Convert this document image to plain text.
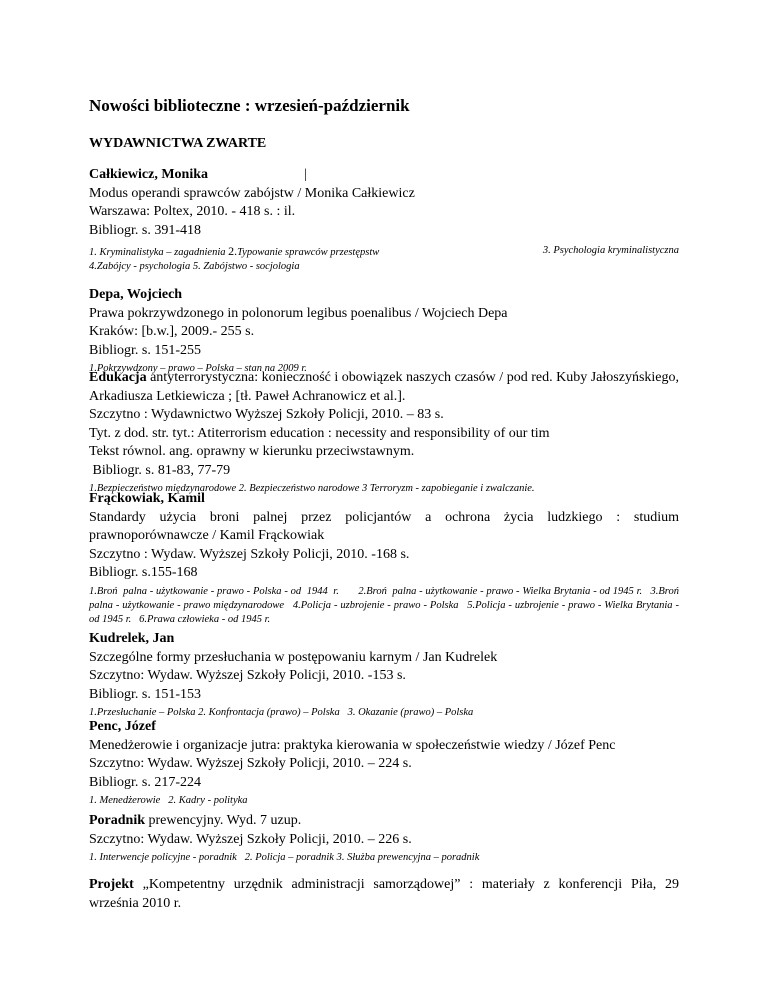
Nowości biblioteczne : wrzesień-październik
WYDAWNICTWA ZWARTE
Całkiewicz, Monika	|
Modus operandi sprawców zabójstw / Monika Całkiewicz
Warszawa: Poltex, 2010. - 418 s. : il.
Bibliogr. s. 391-418
1. Kryminalistyka – zagadnienia 2.Typowanie sprawców przestępstw	3. Psychologia kryminalistyczna
4.Zabójcy - psychologia 5. Zabójstwo - socjologia
Depa, Wojciech
Prawa pokrzywdzonego in polonorum legibus poenalibus / Wojciech Depa
Kraków: [b.w.], 2009.- 255 s.
Bibliogr. s. 151-255
1.Pokrzywdzony – prawo – Polska – stan na 2009 r.
Edukacja antyterrorystyczna: konieczność i obowiązek naszych czasów / pod red. Kuby Jałoszyńskiego, Arkadiusza Letkiewicza ; [tł. Paweł Achranowicz et al.].
Szczytno : Wydawnictwo Wyższej Szkoły Policji, 2010. – 83 s.
Tyt. z dod. str. tyt.: Atiterrorism education : necessity and responsibility of our tim
Tekst równol. ang. oprawny w kierunku przeciwstawnym.
Bibliogr. s. 81-83, 77-79
1.Bezpieczeństwo międzynarodowe 2. Bezpieczeństwo narodowe 3 Terroryzm - zapobieganie i zwalczanie.
Frąckowiak, Kamil
Standardy użycia broni palnej przez policjantów a ochrona życia ludzkiego : studium prawnoporównawcze / Kamil Frąckowiak
Szczytno : Wydaw. Wyższej Szkoły Policji, 2010. -168 s.
Bibliogr. s.155-168
1.Broń  palna - użytkowanie - prawo - Polska - od  1944  r.       2.Broń  palna - użytkowanie - prawo - Wielka Brytania - od 1945 r.   3.Broń palna - użytkowanie - prawo międzynarodowe   4.Policja - uzbrojenie - prawo - Polska   5.Policja - uzbrojenie - prawo - Wielka Brytania - od 1945 r.   6.Prawa człowieka - od 1945 r.
Kudrelek, Jan
Szczególne formy przesłuchania w postępowaniu karnym / Jan Kudrelek
Szczytno: Wydaw. Wyższej Szkoły Policji, 2010. -153 s.
Bibliogr. s. 151-153
1.Przesłuchanie – Polska 2. Konfrontacja (prawo) – Polska   3. Okazanie (prawo) – Polska
Penc, Józef
Menedżerowie i organizacje jutra: praktyka kierowania w społeczeństwie wiedzy / Józef Penc
Szczytno: Wydaw. Wyższej Szkoły Policji, 2010. – 224 s.
Bibliogr. s. 217-224
1. Menedżerowie   2. Kadry - polityka
Poradnik prewencyjny. Wyd. 7 uzup.
Szczytno: Wydaw. Wyższej Szkoły Policji, 2010. – 226 s.
1. Interwencje policyjne - poradnik   2. Policja – poradnik 3. Służba prewencyjna – poradnik
Projekt „Kompetentny urzędnik administracji samorządowej” : materiały z konferencji Piła, 29 września 2010 r.
